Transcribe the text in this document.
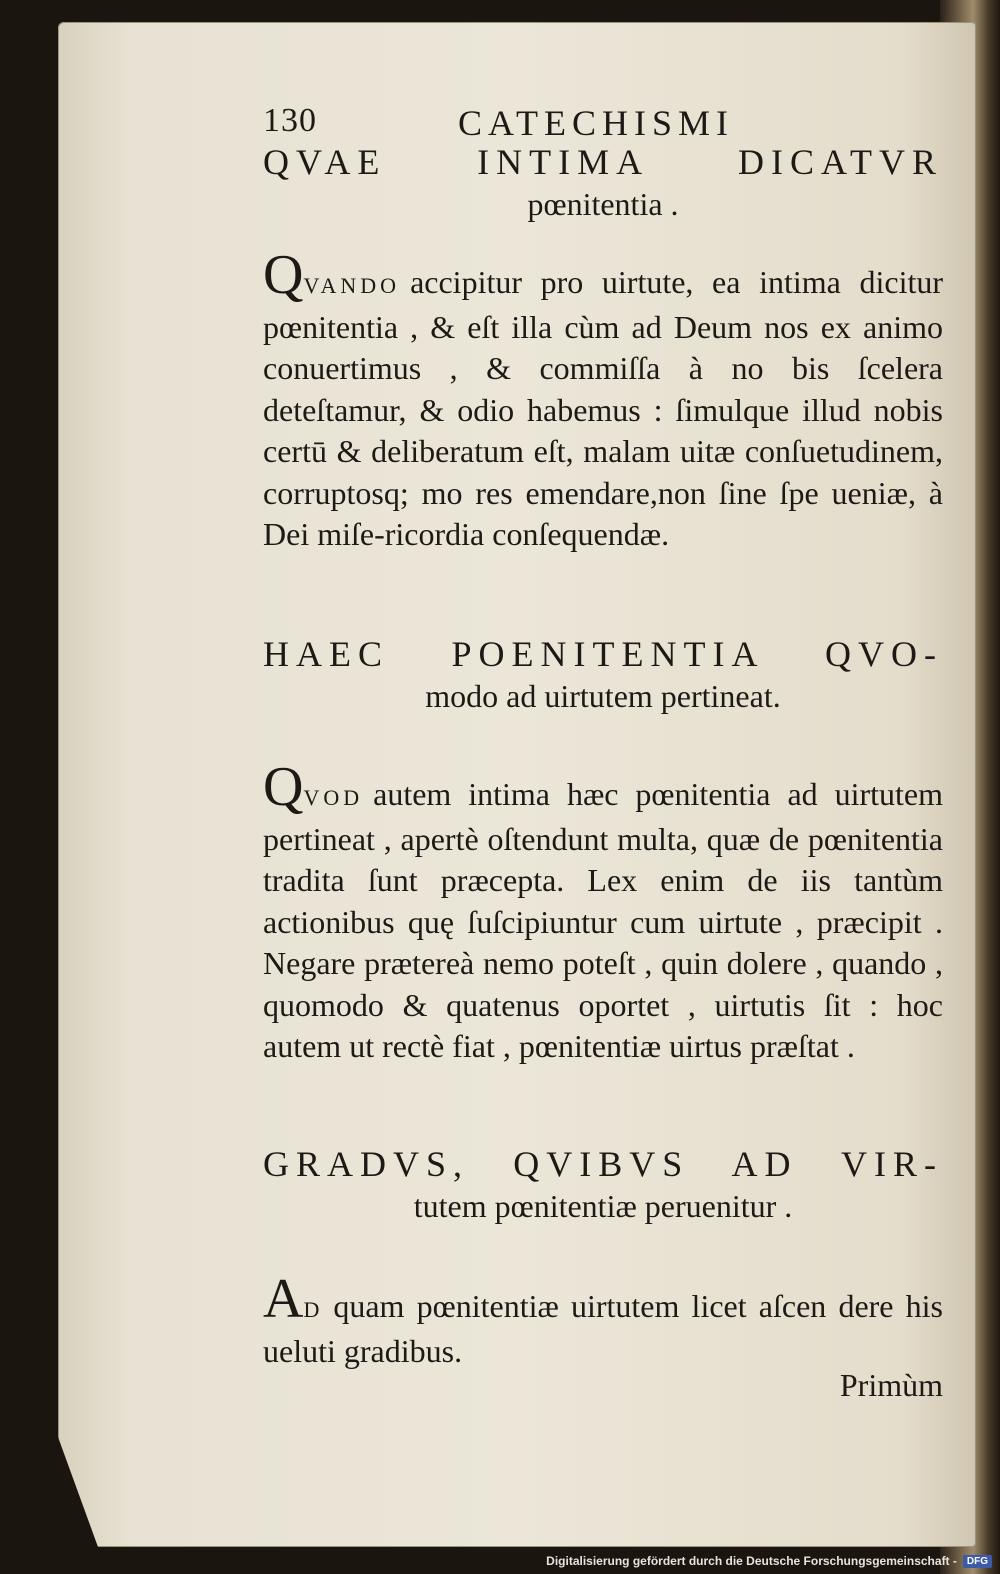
130	CATECHISMI
QVAE INTIMA DICATVR
pœnitentia .
QVANDO accipitur pro uirtute, ea intima dicitur pœnitentia , & eſt illa cùm ad Deum nos ex animo conuertimus , & commiſſa à no bis ſcelera deteſtamur, & odio habemus : ſimulque illud nobis certū & deliberatum eſt, malam uitæ conſuetudinem, corruptosq; mo res emendare,non ſine ſpe ueniæ, à Dei miſe-ricordia conſequendæ.
HAEC POENITENTIA QVO-
modo ad uirtutem pertineat.
QVOD autem intima hæc pœnitentia ad uirtutem pertineat , apertè oſtendunt multa, quæ de pœnitentia tradita ſunt præcepta. Lex enim de iis tantùm actionibus quę ſuſcipiuntur cum uirtute , præcipit . Negare prætereà nemo poteſt , quin dolere , quando , quomodo & quatenus oportet , uirtutis ſit : hoc autem ut rectè fiat , pœnitentiæ uirtus præſtat .
GRADVS, QVIBVS AD VIR-
tutem pœnitentiæ peruenitur .
AD quam pœnitentiæ uirtutem licet aſcen dere his ueluti gradibus.
Primùm
Digitalisierung gefördert durch die Deutsche Forschungsgemeinschaft -	DFG
